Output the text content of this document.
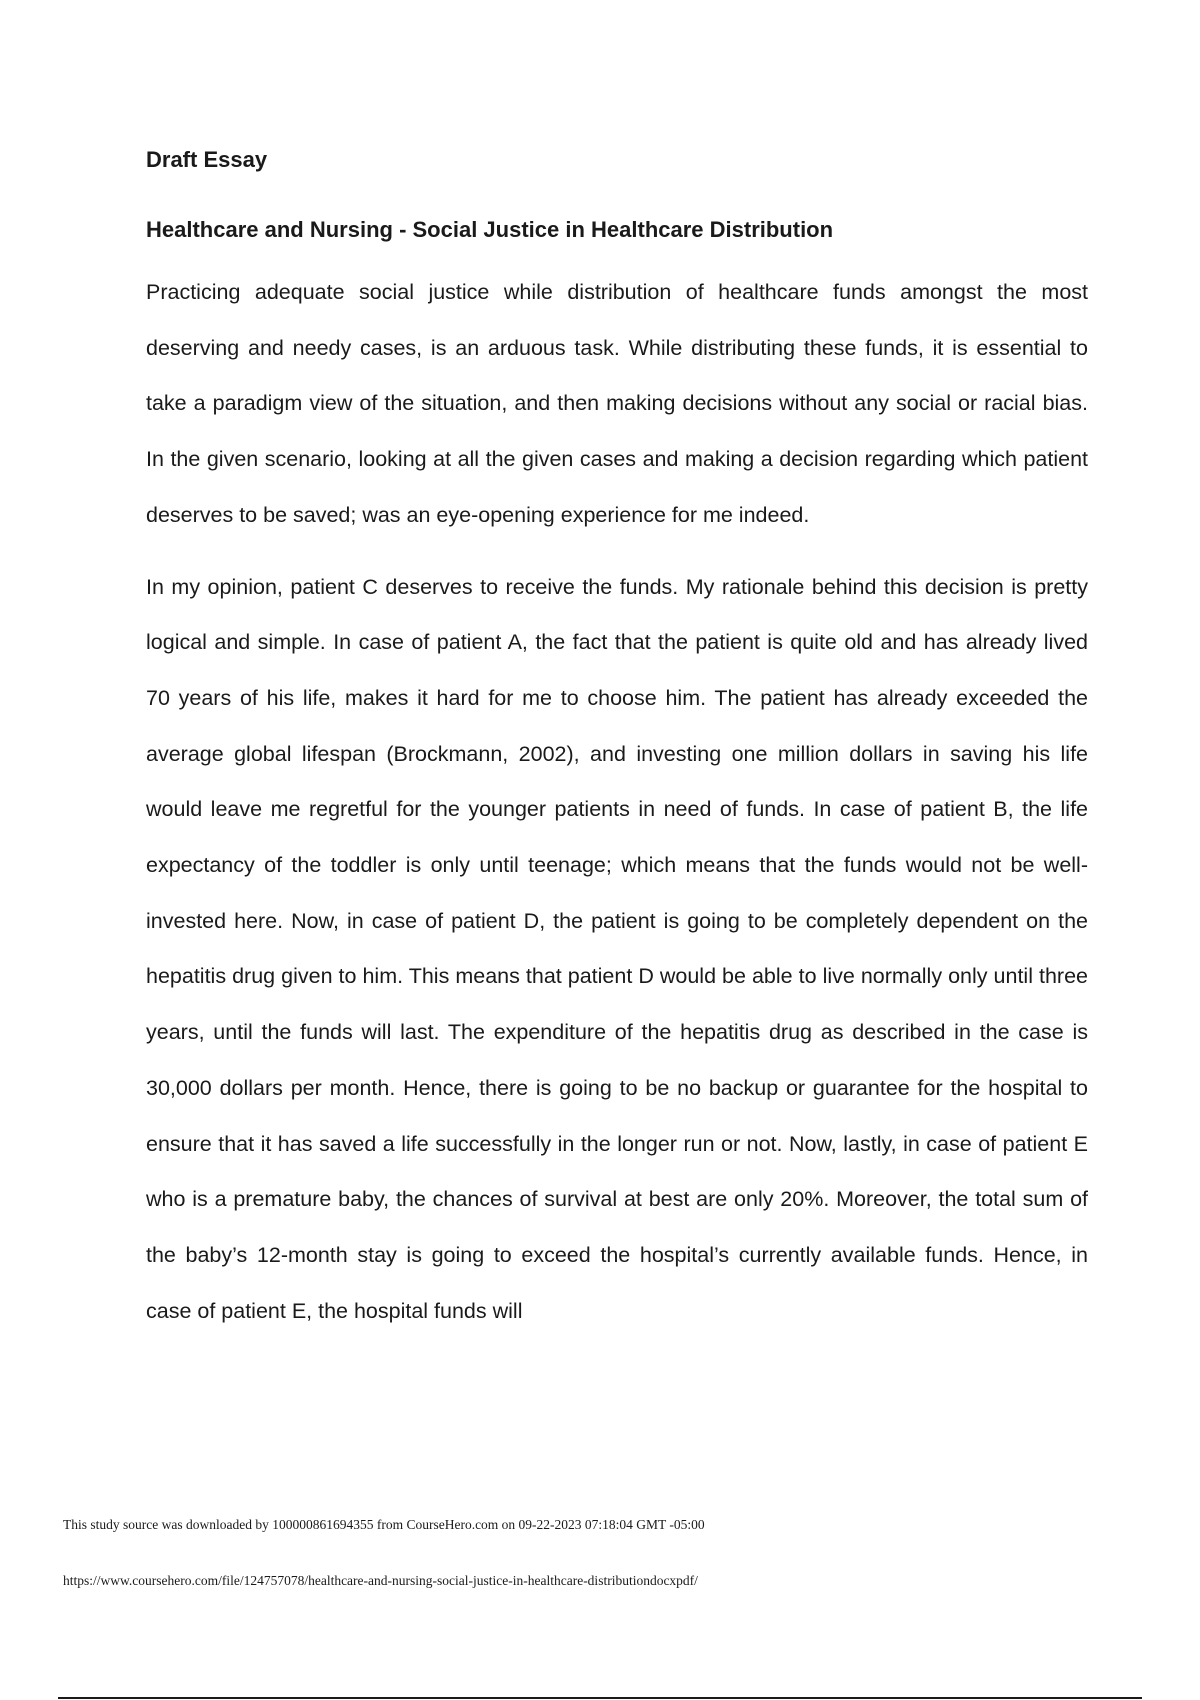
Draft Essay

Healthcare and Nursing - Social Justice in Healthcare Distribution

Practicing adequate social justice while distribution of healthcare funds amongst the most deserving and needy cases, is an arduous task. While distributing these funds, it is essential to take a paradigm view of the situation, and then making decisions without any social or racial bias. In the given scenario, looking at all the given cases and making a decision regarding which patient deserves to be saved; was an eye-opening experience for me indeed.

In my opinion, patient C deserves to receive the funds. My rationale behind this decision is pretty logical and simple. In case of patient A, the fact that the patient is quite old and has already lived 70 years of his life, makes it hard for me to choose him. The patient has already exceeded the average global lifespan (Brockmann, 2002), and investing one million dollars in saving his life would leave me regretful for the younger patients in need of funds. In case of patient B, the life expectancy of the toddler is only until teenage; which means that the funds would not be well-invested here. Now, in case of patient D, the patient is going to be completely dependent on the hepatitis drug given to him. This means that patient D would be able to live normally only until three years, until the funds will last. The expenditure of the hepatitis drug as described in the case is 30,000 dollars per month. Hence, there is going to be no backup or guarantee for the hospital to ensure that it has saved a life successfully in the longer run or not. Now, lastly, in case of patient E who is a premature baby, the chances of survival at best are only 20%. Moreover, the total sum of the baby’s 12-month stay is going to exceed the hospital’s currently available funds. Hence, in case of patient E, the hospital funds will

This study source was downloaded by 100000861694355 from CourseHero.com on 09-22-2023 07:18:04 GMT -05:00
https://www.coursehero.com/file/124757078/healthcare-and-nursing-social-justice-in-healthcare-distributiondocxpdf/
